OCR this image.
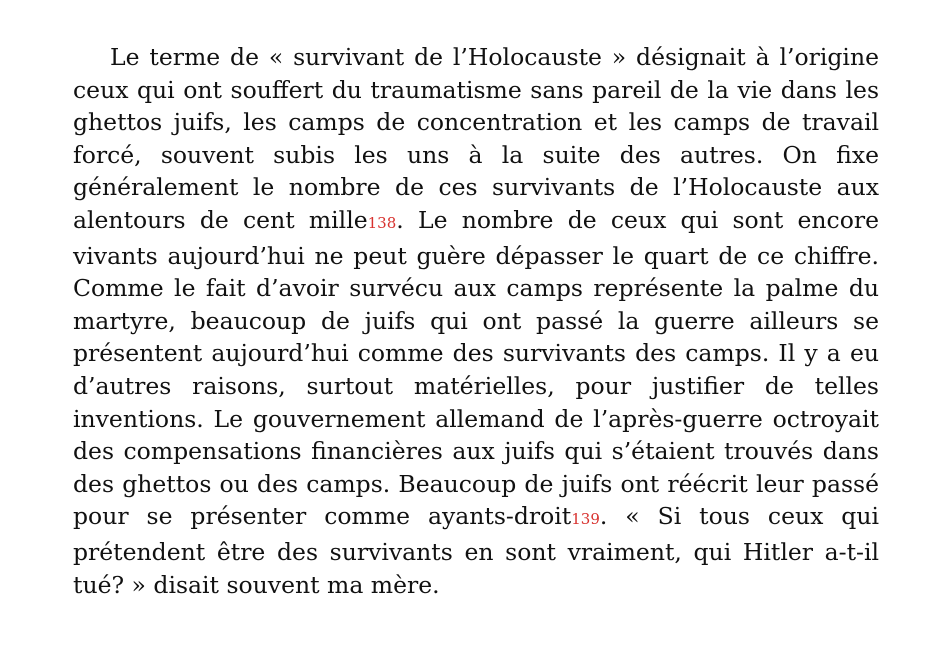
Le terme de « survivant de l’Holocauste » désignait à l’origine ceux qui ont souffert du traumatisme sans pareil de la vie dans les ghettos juifs, les camps de concentration et les camps de travail forcé, souvent subis les uns à la suite des autres. On fixe généralement le nombre de ces survivants de l’Holocauste aux alentours de cent mille138. Le nombre de ceux qui sont encore vivants aujourd’hui ne peut guère dépasser le quart de ce chiffre. Comme le fait d’avoir survécu aux camps représente la palme du martyre, beaucoup de juifs qui ont passé la guerre ailleurs se présentent aujourd’hui comme des survivants des camps. Il y a eu d’autres raisons, surtout matérielles, pour justifier de telles inventions. Le gouvernement allemand de l’après-guerre octroyait des compensations financières aux juifs qui s’étaient trouvés dans des ghettos ou des camps. Beaucoup de juifs ont réécrit leur passé pour se présenter comme ayants-droit139. « Si tous ceux qui prétendent être des survivants en sont vraiment, qui Hitler a-t-il tué? » disait souvent ma mère.
